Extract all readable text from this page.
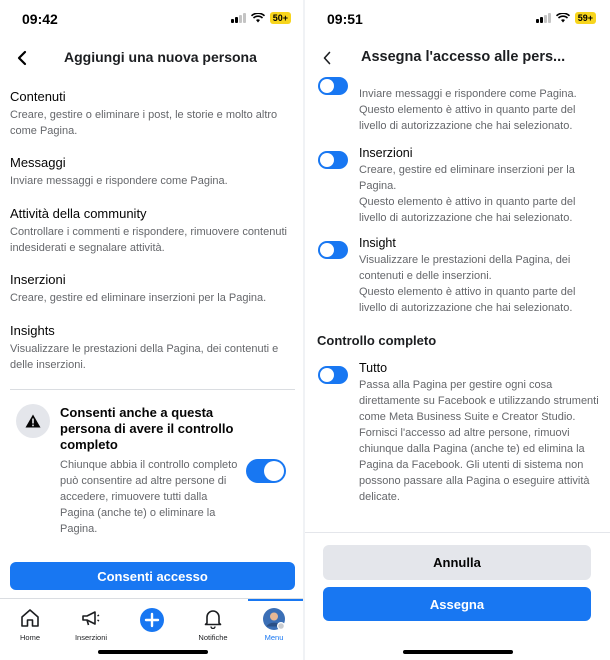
09:42	50+
Aggiungi una nuova persona
Contenuti
Creare, gestire o eliminare i post, le storie e molto altro come Pagina.
Messaggi
Inviare messaggi e rispondere come Pagina.
Attività della community
Controllare i commenti e rispondere, rimuovere contenuti indesiderati e segnalare attività.
Inserzioni
Creare, gestire ed eliminare inserzioni per la Pagina.
Insights
Visualizzare le prestazioni della Pagina, dei contenuti e delle inserzioni.
Consenti anche a questa persona di avere il controllo completo
Chiunque abbia il controllo completo può consentire ad altre persone di accedere, rimuovere tutti dalla Pagina (anche te) o eliminare la Pagina.
Consenti accesso
Home	Inserzioni	Notifiche	Menu
09:51	59+
Assegna l'accesso alle pers...

Inviare messaggi e rispondere come Pagina.

Questo elemento è attivo in quanto parte del livello di autorizzazione che hai selezionato.

Inserzioni

Creare, gestire ed eliminare inserzioni per la Pagina.

Questo elemento è attivo in quanto parte del livello di autorizzazione che hai selezionato.

Insight

Visualizzare le prestazioni della Pagina, dei contenuti e delle inserzioni.

Questo elemento è attivo in quanto parte del livello di autorizzazione che hai selezionato.

Controllo completo
Tutto
Passa alla Pagina per gestire ogni cosa direttamente su Facebook e utilizzando strumenti come Meta Business Suite e Creator Studio. Fornisci l'accesso ad altre persone, rimuovi chiunque dalla Pagina (anche te) ed elimina la Pagina da Facebook. Gli utenti di sistema non possono passare alla Pagina o eseguire attività delicate.
Annulla
Assegna
